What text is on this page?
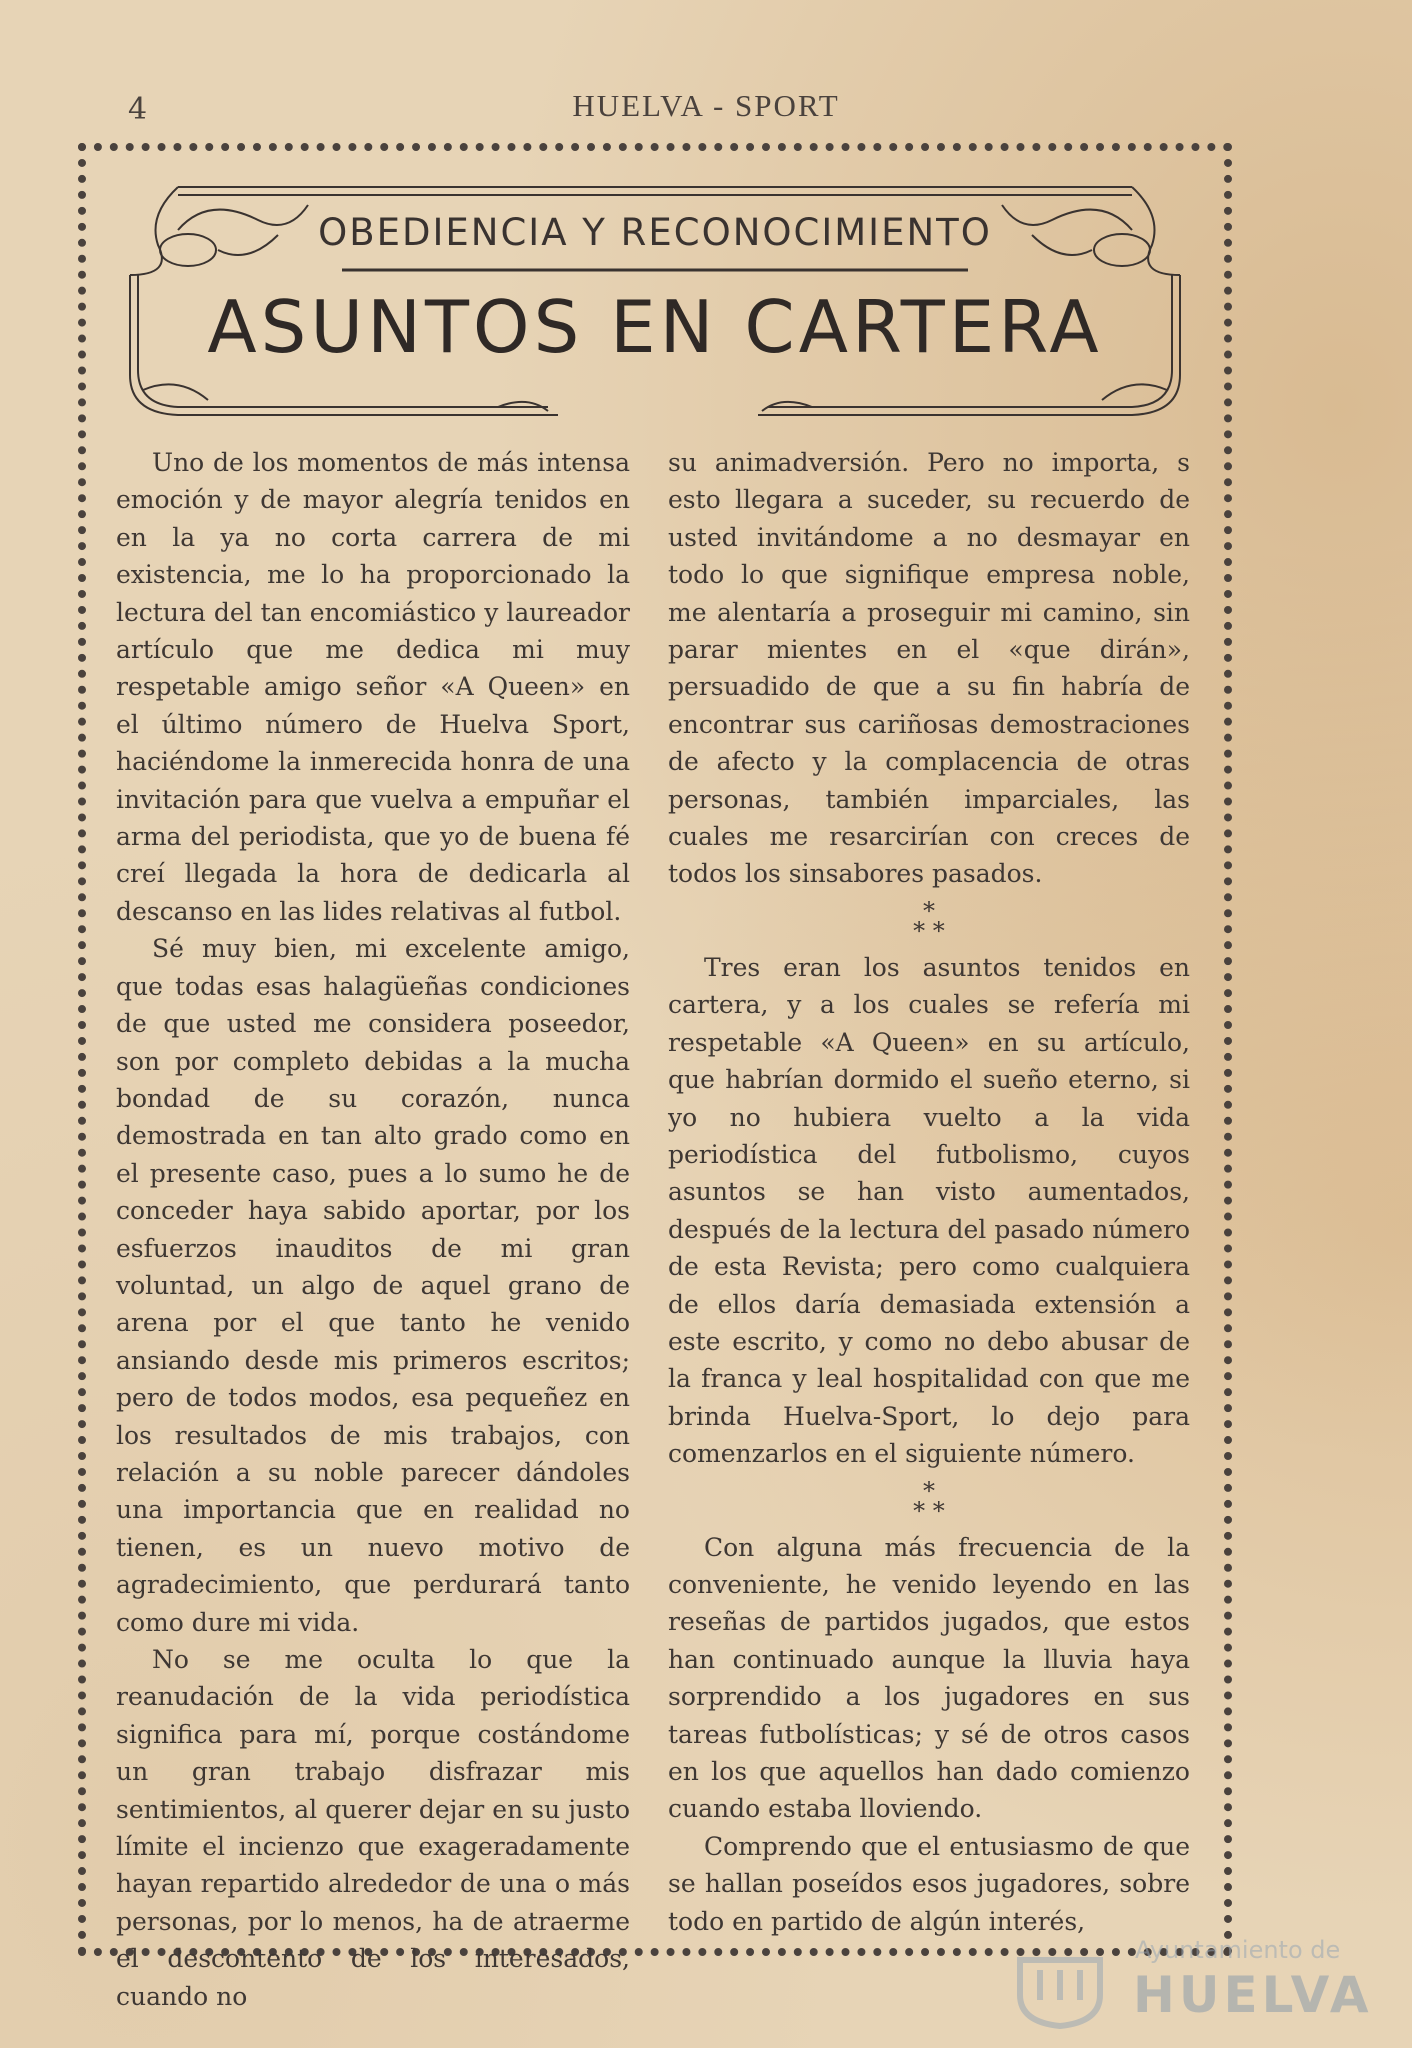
4	HUELVA - SPORT
OBEDIENCIA Y RECONOCIMIENTO
ASUNTOS EN CARTERA

Uno de los momentos de más intensa emoción y de mayor alegría tenidos en en la ya no corta carrera de mi existencia, me lo ha proporcionado la lectura del tan encomiástico y laureador artículo que me dedica mi muy respetable amigo señor «A Queen» en el último número de Huelva Sport, haciéndome la inmerecida honra de una invitación para que vuelva a empuñar el arma del periodista, que yo de buena fé creí llegada la hora de dedicarla al descanso en las lides relativas al futbol.

Sé muy bien, mi excelente amigo, que todas esas halagüeñas condiciones de que usted me considera poseedor, son por completo debidas a la mucha bondad de su corazón, nunca demostrada en tan alto grado como en el presente caso, pues a lo sumo he de conceder haya sabido aportar, por los esfuerzos inauditos de mi gran voluntad, un algo de aquel grano de arena por el que tanto he venido ansiando desde mis primeros escritos; pero de todos modos, esa pequeñez en los resultados de mis trabajos, con relación a su noble parecer dándoles una importancia que en realidad no tienen, es un nuevo motivo de agradecimiento, que perdurará tanto como dure mi vida.

No se me oculta lo que la reanudación de la vida periodística significa para mí, porque costándome un gran trabajo disfrazar mis sentimientos, al querer dejar en su justo límite el incienzo que exageradamente hayan repartido alrededor de una o más personas, por lo menos, ha de atraerme el descontento de los interesados, cuando no

su animadversión. Pero no importa, s esto llegara a suceder, su recuerdo de usted invitándome a no desmayar en todo lo que signifique empresa noble, me alentaría a proseguir mi camino, sin parar mientes en el «que dirán», persuadido de que a su fin habría de encontrar sus cariñosas demostraciones de afecto y la complacencia de otras personas, también imparciales, las cuales me resarcirían con creces de todos los sinsabores pasados.

*
* *

Tres eran los asuntos tenidos en cartera, y a los cuales se refería mi respetable «A Queen» en su artículo, que habrían dormido el sueño eterno, si yo no hubiera vuelto a la vida periodística del futbolismo, cuyos asuntos se han visto aumentados, después de la lectura del pasado número de esta Revista; pero como cualquiera de ellos daría demasiada extensión a este escrito, y como no debo abusar de la franca y leal hospitalidad con que me brinda Huelva-Sport, lo dejo para comenzarlos en el siguiente número.

*
* *

Con alguna más frecuencia de la conveniente, he venido leyendo en las reseñas de partidos jugados, que estos han continuado aunque la lluvia haya sorprendido a los jugadores en sus tareas futbolísticas; y sé de otros casos en los que aquellos han dado comienzo cuando estaba lloviendo.

Comprendo que el entusiasmo de que se hallan poseídos esos jugadores, sobre todo en partido de algún interés,

Ayuntamiento de
HUELVA
